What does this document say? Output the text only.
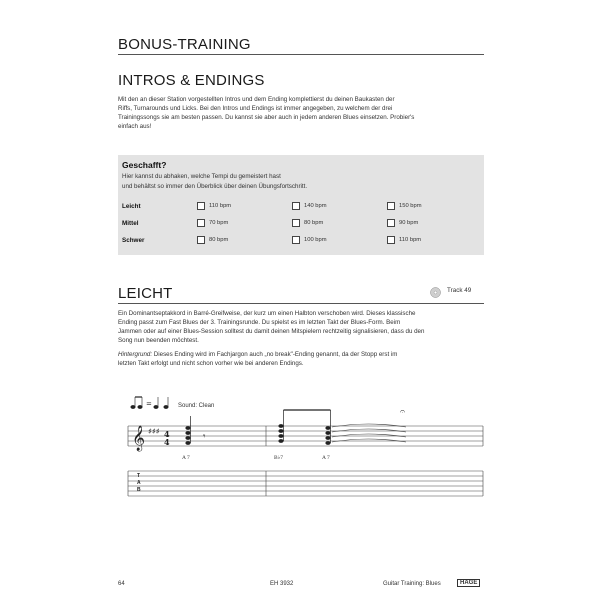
BONUS-TRAINING
INTROS & ENDINGS
Mit den an dieser Station vorgestellten Intros und dem Ending komplettierst du deinen Baukasten der
Riffs, Turnarounds und Licks. Bei den Intros und Endings ist immer angegeben, zu welchem der drei
Trainingssongs sie am besten passen. Du kannst sie aber auch in jedem anderen Blues einsetzen. Probier's
einfach aus!
Geschafft?
Hier kannst du abhaken, welche Tempi du gemeistert hast
und behältst so immer den Überblick über deinen Übungsfortschritt.
Leicht	110 bpm	140 bpm	150 bpm
Mittel	70 bpm	80 bpm	90 bpm
Schwer	80 bpm	100 bpm	110 bpm
LEICHT	Track 49
Ein Dominantseptakkord in Barré-Greifweise, der kurz um einen Halbton verschoben wird. Dieses klassische
Ending passt zum Fast Blues der 3. Trainingsrunde. Du spielst es im letzten Takt der Blues-Form. Beim
Jammen oder auf einer Blues-Session solltest du damit deinen Mitspielern rechtzeitig signalisieren, dass du den
Song nun beenden möchtest.
Hintergrund: Dieses Ending wird im Fachjargon auch „no break"-Ending genannt, da der Stopp erst im
letzten Takt erfolgt und nicht schon vorher wie bei anderen Endings.
=	Sound: Clean
𝄞 ♯♯♯ 4
4	𝄾
𝄐
A 7	B♭7	A 7
T
A
B
64	EH 3932	Guitar Training: Blues	HAGE
